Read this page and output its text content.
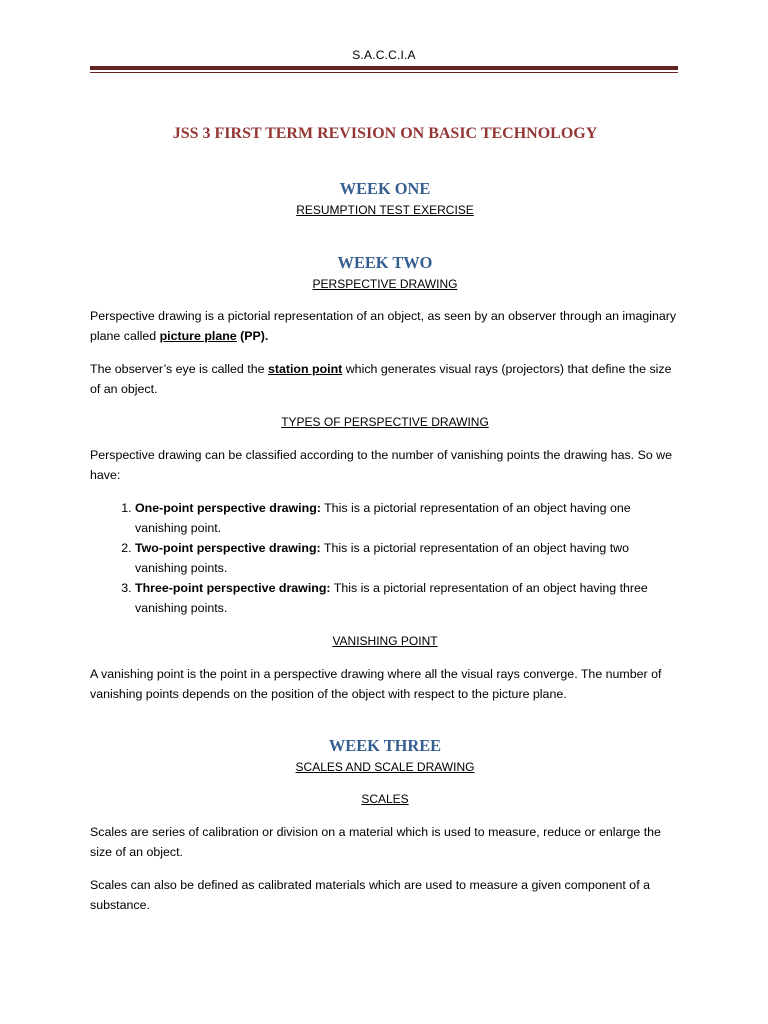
S.A.C.C.I.A
JSS 3 FIRST TERM REVISION ON BASIC TECHNOLOGY
WEEK ONE
RESUMPTION TEST EXERCISE
WEEK TWO
PERSPECTIVE DRAWING

Perspective drawing is a pictorial representation of an object, as seen by an observer through an imaginary plane called picture plane (PP).

The observer’s eye is called the station point which generates visual rays (projectors) that define the size of an object.

TYPES OF PERSPECTIVE DRAWING

Perspective drawing can be classified according to the number of vanishing points the drawing has. So we have:

1. One-point perspective drawing: This is a pictorial representation of an object having one vanishing point.
2. Two-point perspective drawing: This is a pictorial representation of an object having two vanishing points.
3. Three-point perspective drawing: This is a pictorial representation of an object having three vanishing points.
VANISHING POINT

A vanishing point is the point in a perspective drawing where all the visual rays converge. The number of vanishing points depends on the position of the object with respect to the picture plane.

WEEK THREE
SCALES AND SCALE DRAWING
SCALES

Scales are series of calibration or division on a material which is used to measure, reduce or enlarge the size of an object.

Scales can also be defined as calibrated materials which are used to measure a given component of a substance.
